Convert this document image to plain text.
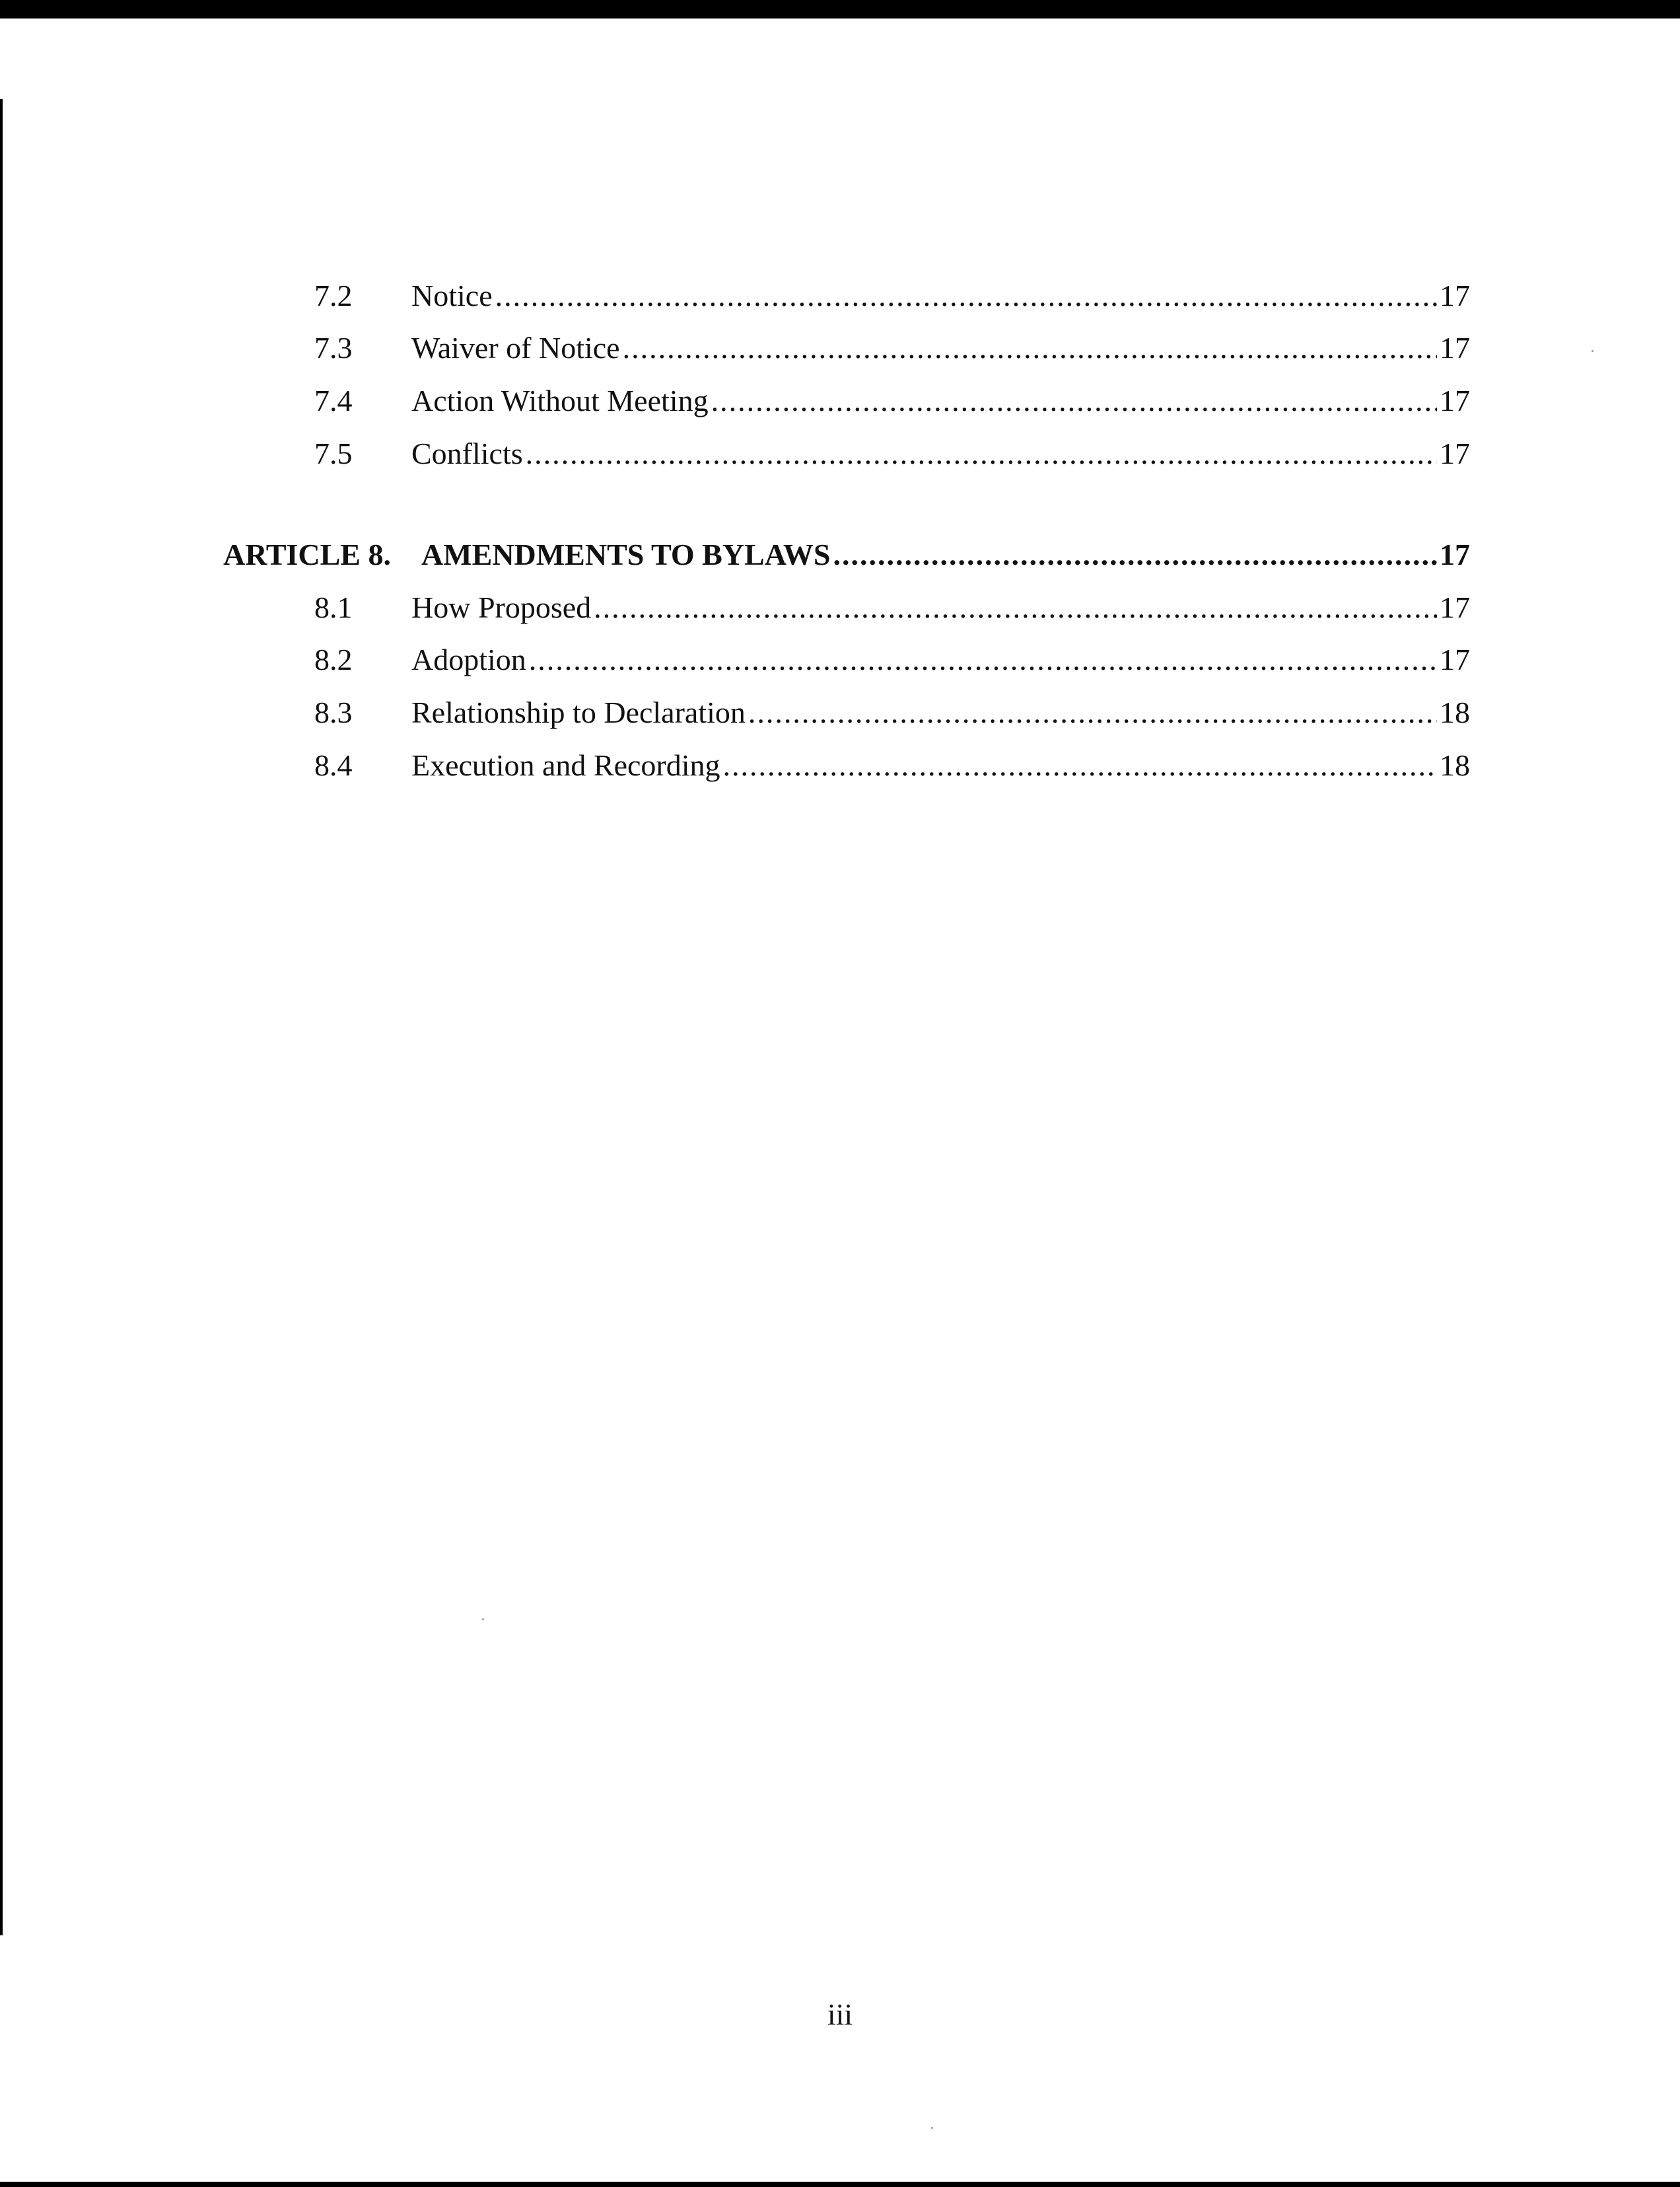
7.2 Notice .....	17
7.3 Waiver of Notice .....	17
7.4 Action Without Meeting .....	17
7.5 Conflicts .....	17
ARTICLE 8. AMENDMENTS TO BYLAWS .....	17
8.1 How Proposed .....	17
8.2 Adoption .....	17
8.3 Relationship to Declaration .....	18
8.4 Execution and Recording .....	18
iii
